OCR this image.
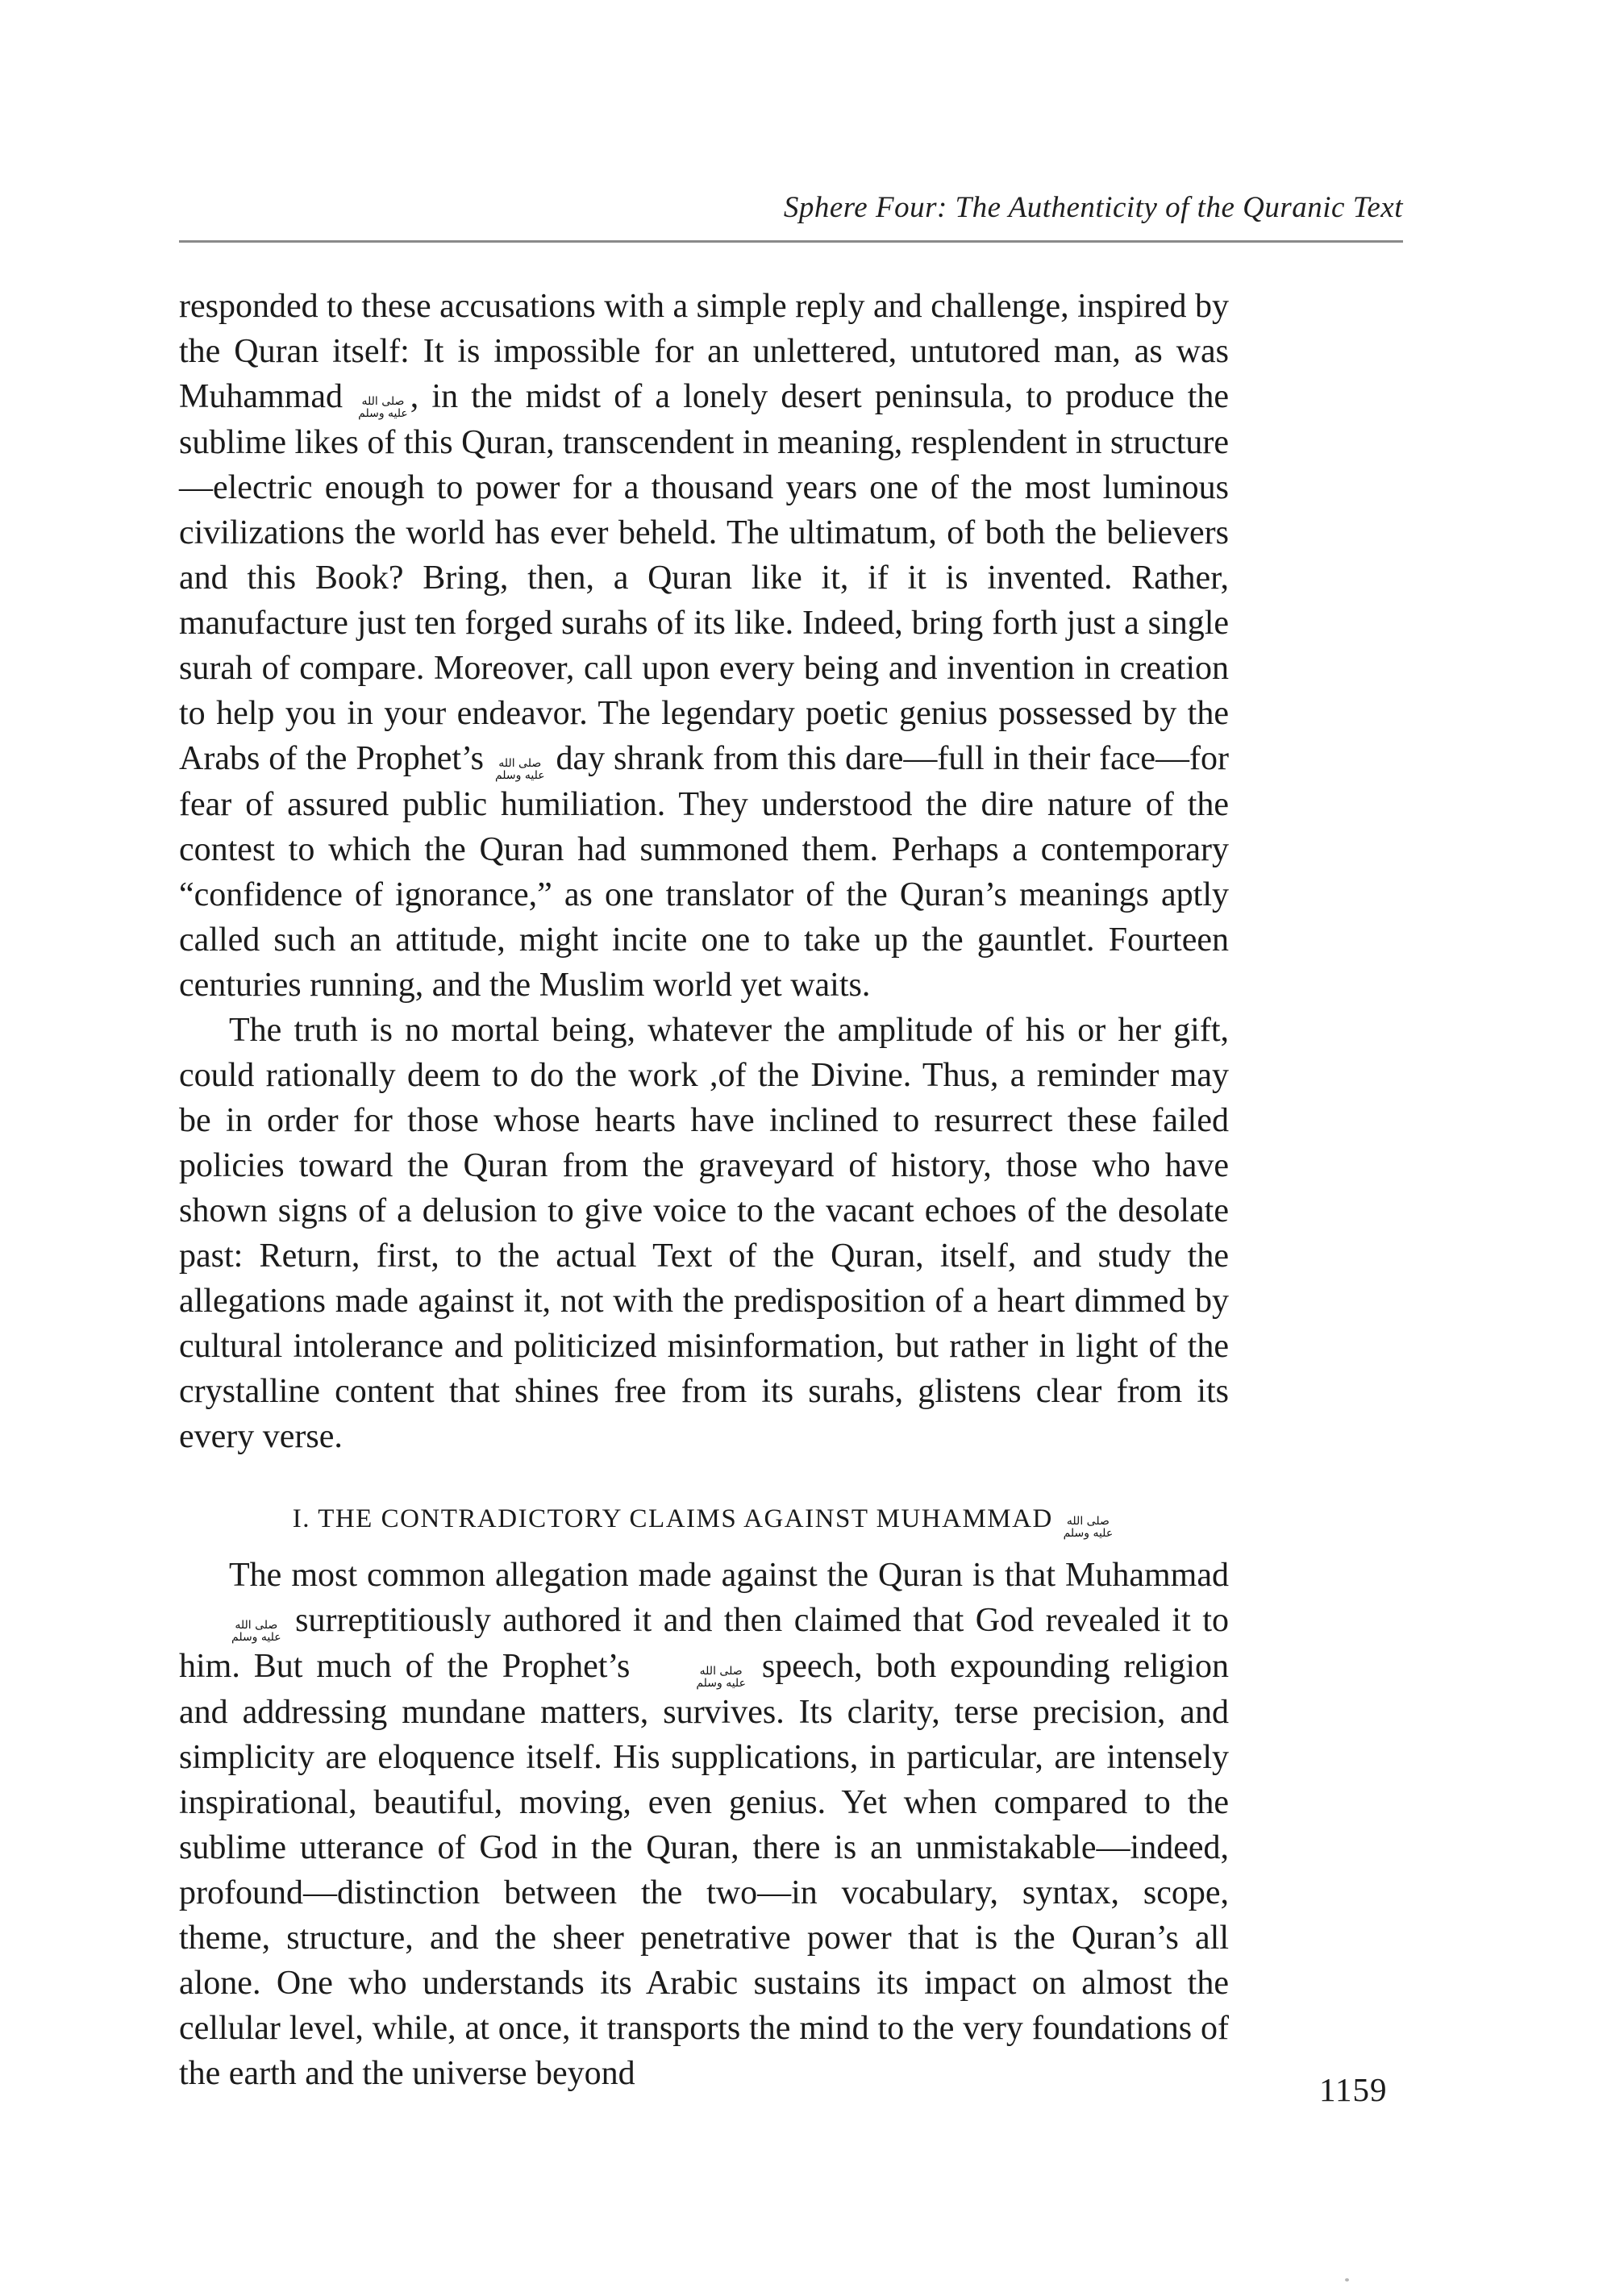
Sphere Four: The Authenticity of the Quranic Text

responded to these accusations with a simple reply and challenge, inspired by the Quran itself: It is impossible for an unlettered, untutored man, as was Muhammad صلى الله
عليه وسلم , in the midst of a lonely desert peninsula, to produce the sublime likes of this Quran, transcendent in meaning, resplendent in structure—electric enough to power for a thousand years one of the most luminous civilizations the world has ever beheld. The ultimatum, of both the believers and this Book? Bring, then, a Quran like it, if it is invented. Rather, manufacture just ten forged surahs of its like. Indeed, bring forth just a single surah of compare. Moreover, call upon every being and invention in creation to help you in your endeavor. The legendary poetic genius possessed by the Arabs of the Prophet’s صلى الله
عليه وسلم day shrank from this dare—full in their face—for fear of assured public humiliation. They understood the dire nature of the contest to which the Quran had summoned them. Perhaps a contemporary “confidence of ignorance,” as one translator of the Quran’s meanings aptly called such an attitude, might incite one to take up the gauntlet. Fourteen centuries running, and the Muslim world yet waits.

The truth is no mortal being, whatever the amplitude of his or her gift, could rationally deem to do the work ,of the Divine. Thus, a reminder may be in order for those whose hearts have inclined to resurrect these failed policies toward the Quran from the graveyard of history, those who have shown signs of a delusion to give voice to the vacant echoes of the desolate past: Return, first, to the actual Text of the Quran, itself, and study the allegations made against it, not with the predisposition of a heart dimmed by cultural intolerance and politicized misinformation, but rather in light of the crystalline content that shines free from its surahs, glistens clear from its every verse.

I. THE CONTRADICTORY CLAIMS AGAINST MUHAMMAD صلى الله
عليه وسلم

The most common allegation made against the Quran is that Muhammad
صلى الله
عليه وسلم surreptitiously authored it and then claimed that God revealed it to him. But much of the Prophet’s	صلى الله
عليه وسلم speech, both expounding religion and addressing mundane matters, survives. Its clarity, terse precision, and simplicity are eloquence itself. His supplications, in particular, are intensely inspirational, beautiful, moving, even genius. Yet when compared to the sublime utterance of God in the Quran, there is an unmistakable—indeed, profound—distinction between the two—in vocabulary, syntax, scope, theme, structure, and the sheer penetrative power that is the Quran’s all alone. One who understands its Arabic sustains its impact on almost the cellular level, while, at once, it transports the mind to the very foundations of the earth and the universe beyond	1159
